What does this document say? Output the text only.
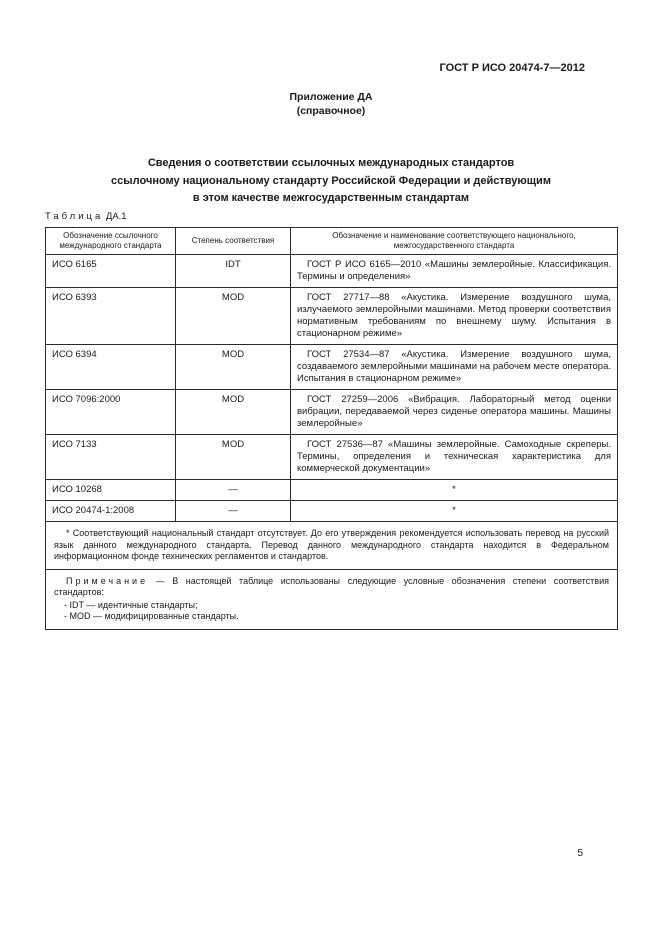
ГОСТ Р ИСО 20474-7—2012
Приложение ДА
(справочное)
Сведения о соответствии ссылочных международных стандартов
ссылочному национальному стандарту Российской Федерации и действующим
в этом качестве межгосударственным стандартам
Таблица ДА.1
Обозначение ссылочного международного стандарта	Степень соответствия	Обозначение и наименование соответствующего национального, межгосударственного стандарта
ИСО 6165	IDT	ГОСТ Р ИСО 6165—2010 «Машины землеройные. Классификация. Термины и определения»
ИСО 6393	MOD	ГОСТ 27717—88 «Акустика. Измерение воздушного шума, излучаемого землеройными машинами. Метод проверки соответствия нормативным требованиям по внешнему шуму. Испытания в стационарном режиме»
ИСО 6394	MOD	ГОСТ 27534—87 «Акустика. Измерение воздушного шума, создаваемого землеройными машинами на рабочем месте оператора. Испытания в стационарном режиме»
ИСО 7096:2000	MOD	ГОСТ 27259—2006 «Вибрация. Лабораторный метод оценки вибрации, передаваемой через сиденье оператора машины. Машины землеройные»
ИСО 7133	MOD	ГОСТ 27536—87 «Машины землеройные. Самоходные скреперы. Термины, определения и техническая характеристика для коммерческой документации»
ИСО 10268	—	*
ИСО 20474-1:2008	—	*

* Соответствующий национальный стандарт отсутствует. До его утверждения рекомендуется использовать перевод на русский язык данного международного стандарта. Перевод данного международного стандарта находится в Федеральном информационном фонде технических регламентов и стандартов.		

Примечание — В настоящей таблице использованы следующие условные обозначения степени соответствия стандартов:
- IDT — идентичные стандарты;
- MOD — модифицированные стандарты.		
5
